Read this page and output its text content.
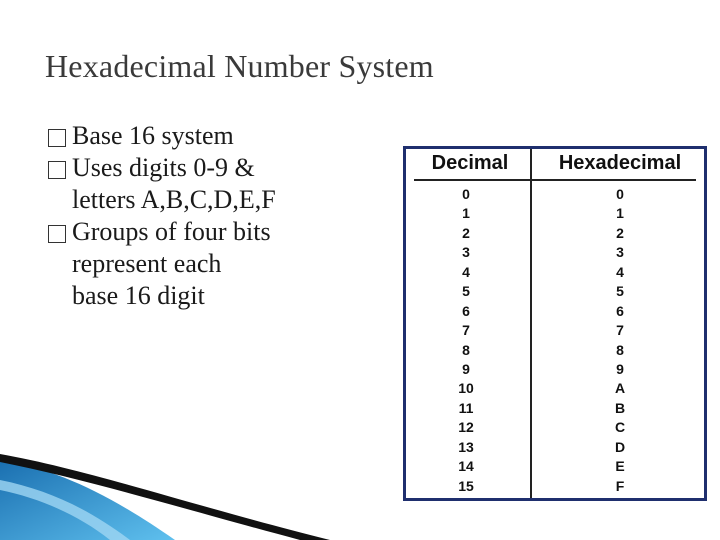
Hexadecimal Number System
Base 16 system
Uses digits 0-9 &
letters A,B,C,D,E,F
Groups of four bits
represent each
base 16 digit
Decimal	Hexadecimal
0
1
2
3
4
5
6
7
8
9
10
11
12
13
14
15
0
1
2
3
4
5
6
7
8
9
A
B
C
D
E
F
